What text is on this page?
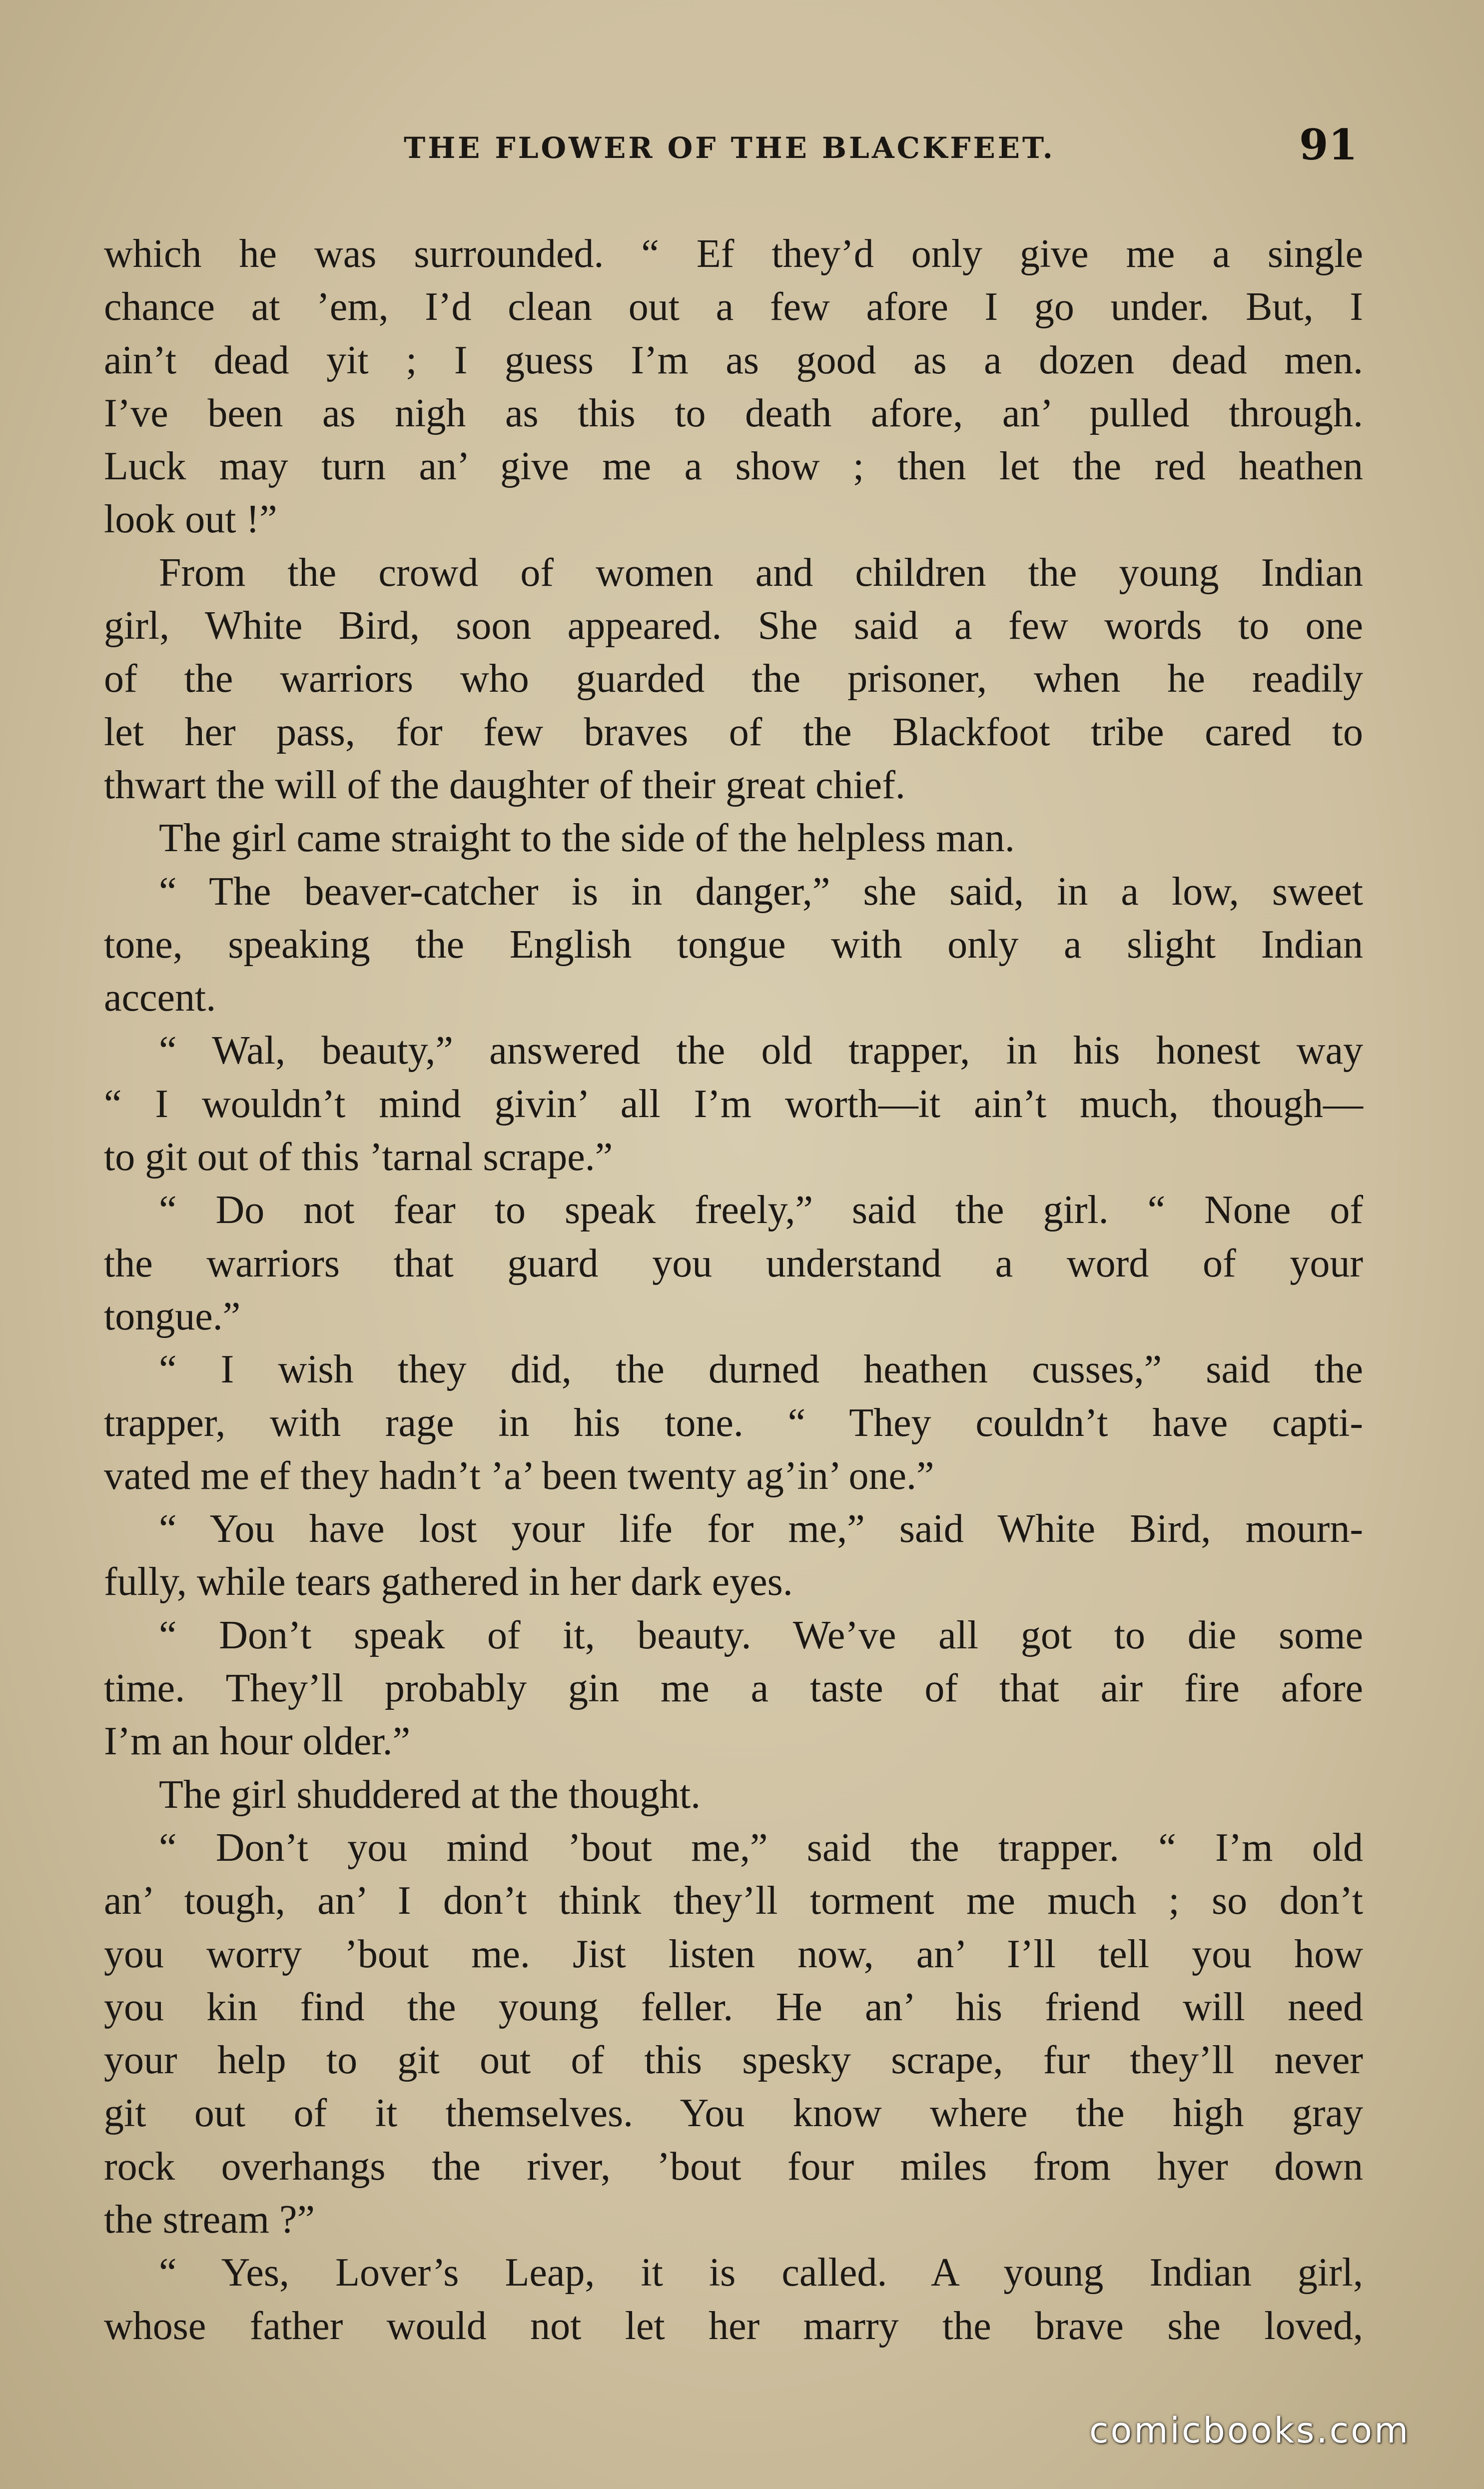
THE FLOWER OF THE BLACKFEET.	91
which he was surrounded. “ Ef they’d only give me a single
chance at ’em, I’d clean out a few afore I go under. But, I
ain’t dead yit ; I guess I’m as good as a dozen dead men.
I’ve been as nigh as this to death afore, an’ pulled through.
Luck may turn an’ give me a show ; then let the red heathen
look out !”
From the crowd of women and children the young Indian
girl, White Bird, soon appeared. She said a few words to one
of the warriors who guarded the prisoner, when he readily
let her pass, for few braves of the Blackfoot tribe cared to
thwart the will of the daughter of their great chief.
The girl came straight to the side of the helpless man.
“ The beaver-catcher is in danger,” she said, in a low, sweet
tone, speaking the English tongue with only a slight Indian
accent.
“ Wal, beauty,” answered the old trapper, in his honest way
“ I wouldn’t mind givin’ all I’m worth––it ain’t much, though—
to git out of this ’tarnal scrape.”
“ Do not fear to speak freely,” said the girl. “ None of
the warriors that guard you understand a word of your
tongue.”
“ I wish they did, the durned heathen cusses,” said the
trapper, with rage in his tone. “ They couldn’t have capti-
vated me ef they hadn’t ’a’ been twenty ag’in’ one.”
“ You have lost your life for me,” said White Bird, mourn-
fully, while tears gathered in her dark eyes.
“ Don’t speak of it, beauty. We’ve all got to die some
time. They’ll probably gin me a taste of that air fire afore
I’m an hour older.”
The girl shuddered at the thought.
“ Don’t you mind ’bout me,” said the trapper. “ I’m old
an’ tough, an’ I don’t think they’ll torment me much ; so don’t
you worry ’bout me. Jist listen now, an’ I’ll tell you how
you kin find the young feller. He an’ his friend will need
your help to git out of this spesky scrape, fur they’ll never
git out of it themselves. You know where the high gray
rock overhangs the river, ’bout four miles from hyer down
the stream ?”
“ Yes, Lover’s Leap, it is called. A young Indian girl,
whose father would not let her marry the brave she loved,
comicbooks.com
